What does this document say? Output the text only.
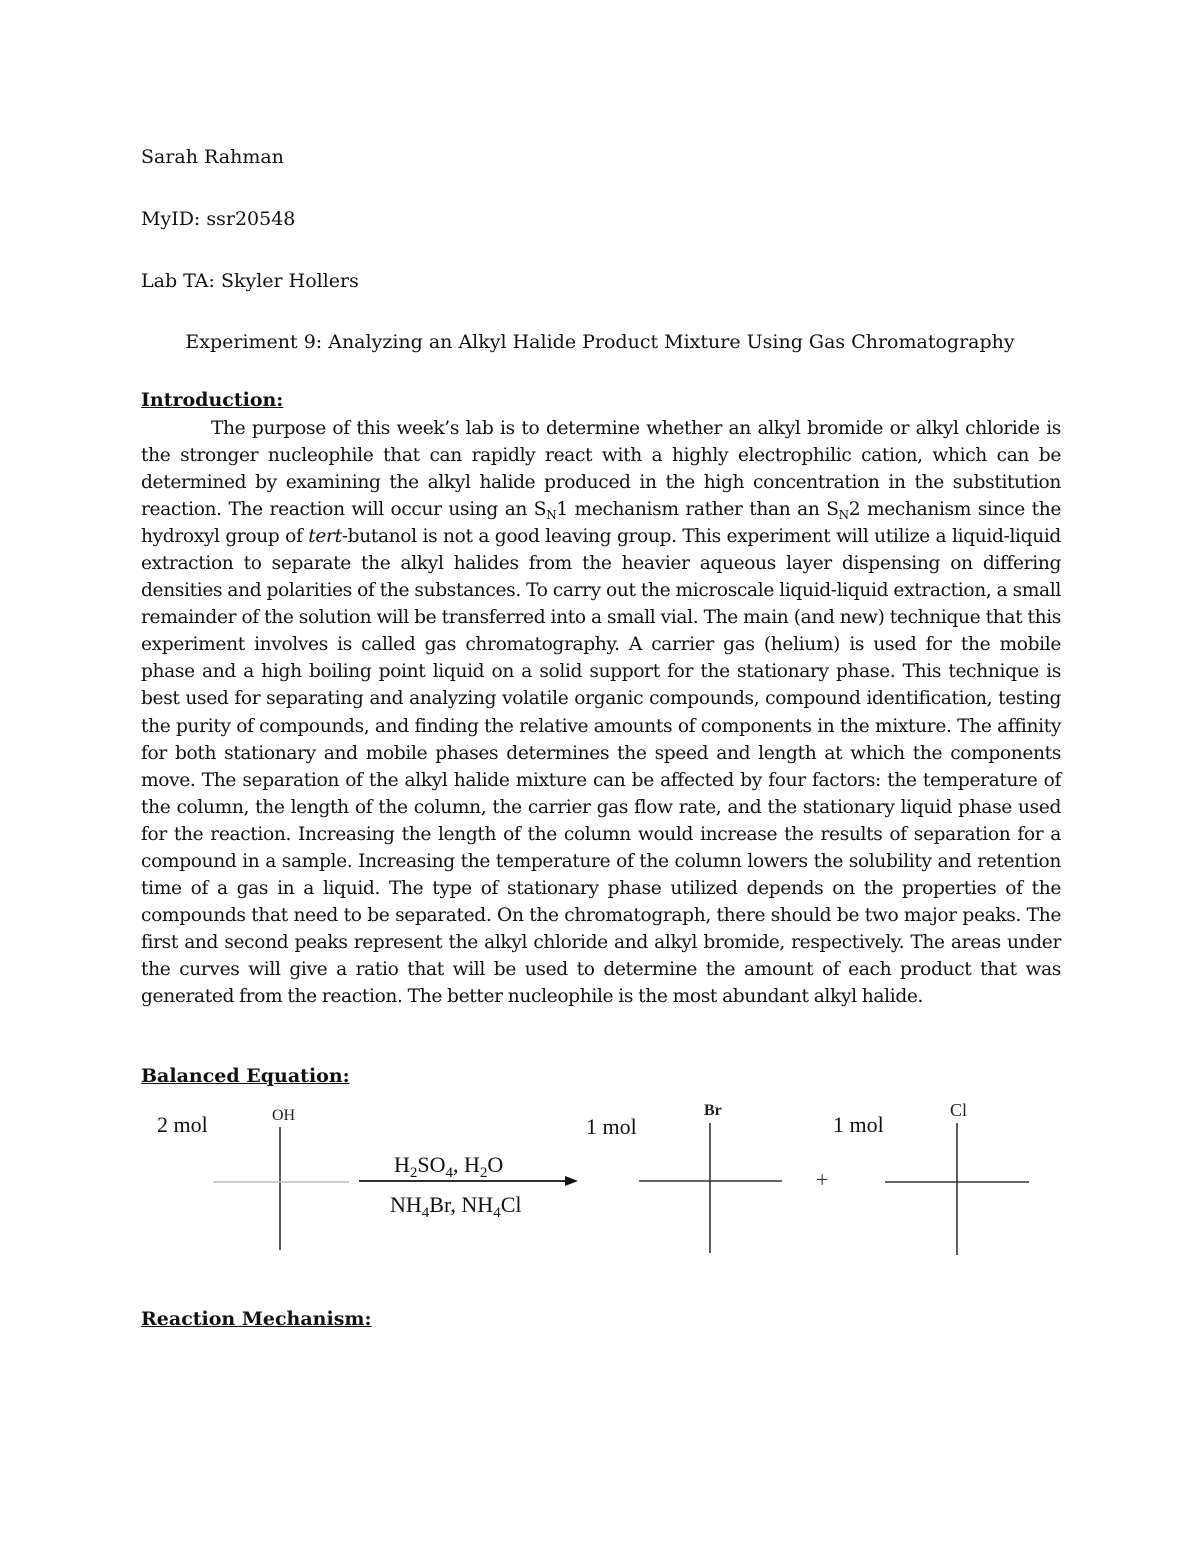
Sarah Rahman
MyID: ssr20548
Lab TA: Skyler Hollers
Experiment 9: Analyzing an Alkyl Halide Product Mixture Using Gas Chromatography
Introduction:
The purpose of this week’s lab is to determine whether an alkyl bromide or alkyl chloride is the stronger nucleophile that can rapidly react with a highly electrophilic cation, which can be determined by examining the alkyl halide produced in the high concentration in the substitution reaction. The reaction will occur using an $S_N1$ mechanism rather than an $S_N2$ mechanism since the hydroxyl group of tert-butanol is not a good leaving group. This experiment will utilize a liquid-liquid extraction to separate the alkyl halides from the heavier aqueous layer dispensing on differing densities and polarities of the substances. To carry out the microscale liquid-liquid extraction, a small remainder of the solution will be transferred into a small vial. The main (and new) technique that this experiment involves is called gas chromatography. A carrier gas (helium) is used for the mobile phase and a high boiling point liquid on a solid support for the stationary phase. This technique is best used for separating and analyzing volatile organic compounds, compound identification, testing the purity of compounds, and finding the relative amounts of components in the mixture. The affinity for both stationary and mobile phases determines the speed and length at which the components move. The separation of the alkyl halide mixture can be affected by four factors: the temperature of the column, the length of the column, the carrier gas flow rate, and the stationary liquid phase used for the reaction. Increasing the length of the column would increase the results of separation for a compound in a sample. Increasing the temperature of the column lowers the solubility and retention time of a gas in a liquid. The type of stationary phase utilized depends on the properties of the compounds that need to be separated. On the chromatograph, there should be two major peaks. The first and second peaks represent the alkyl chloride and alkyl bromide, respectively. The areas under the curves will give a ratio that will be used to determine the amount of each product that was generated from the reaction. The better nucleophile is the most abundant alkyl halide.
Balanced Equation:
2 mol	OH
$H_2SO_4$, $H_2O$
$NH_4Br$, $NH_4Cl$
1 mol
Br
+
1 mol
Cl
Reaction Mechanism:
